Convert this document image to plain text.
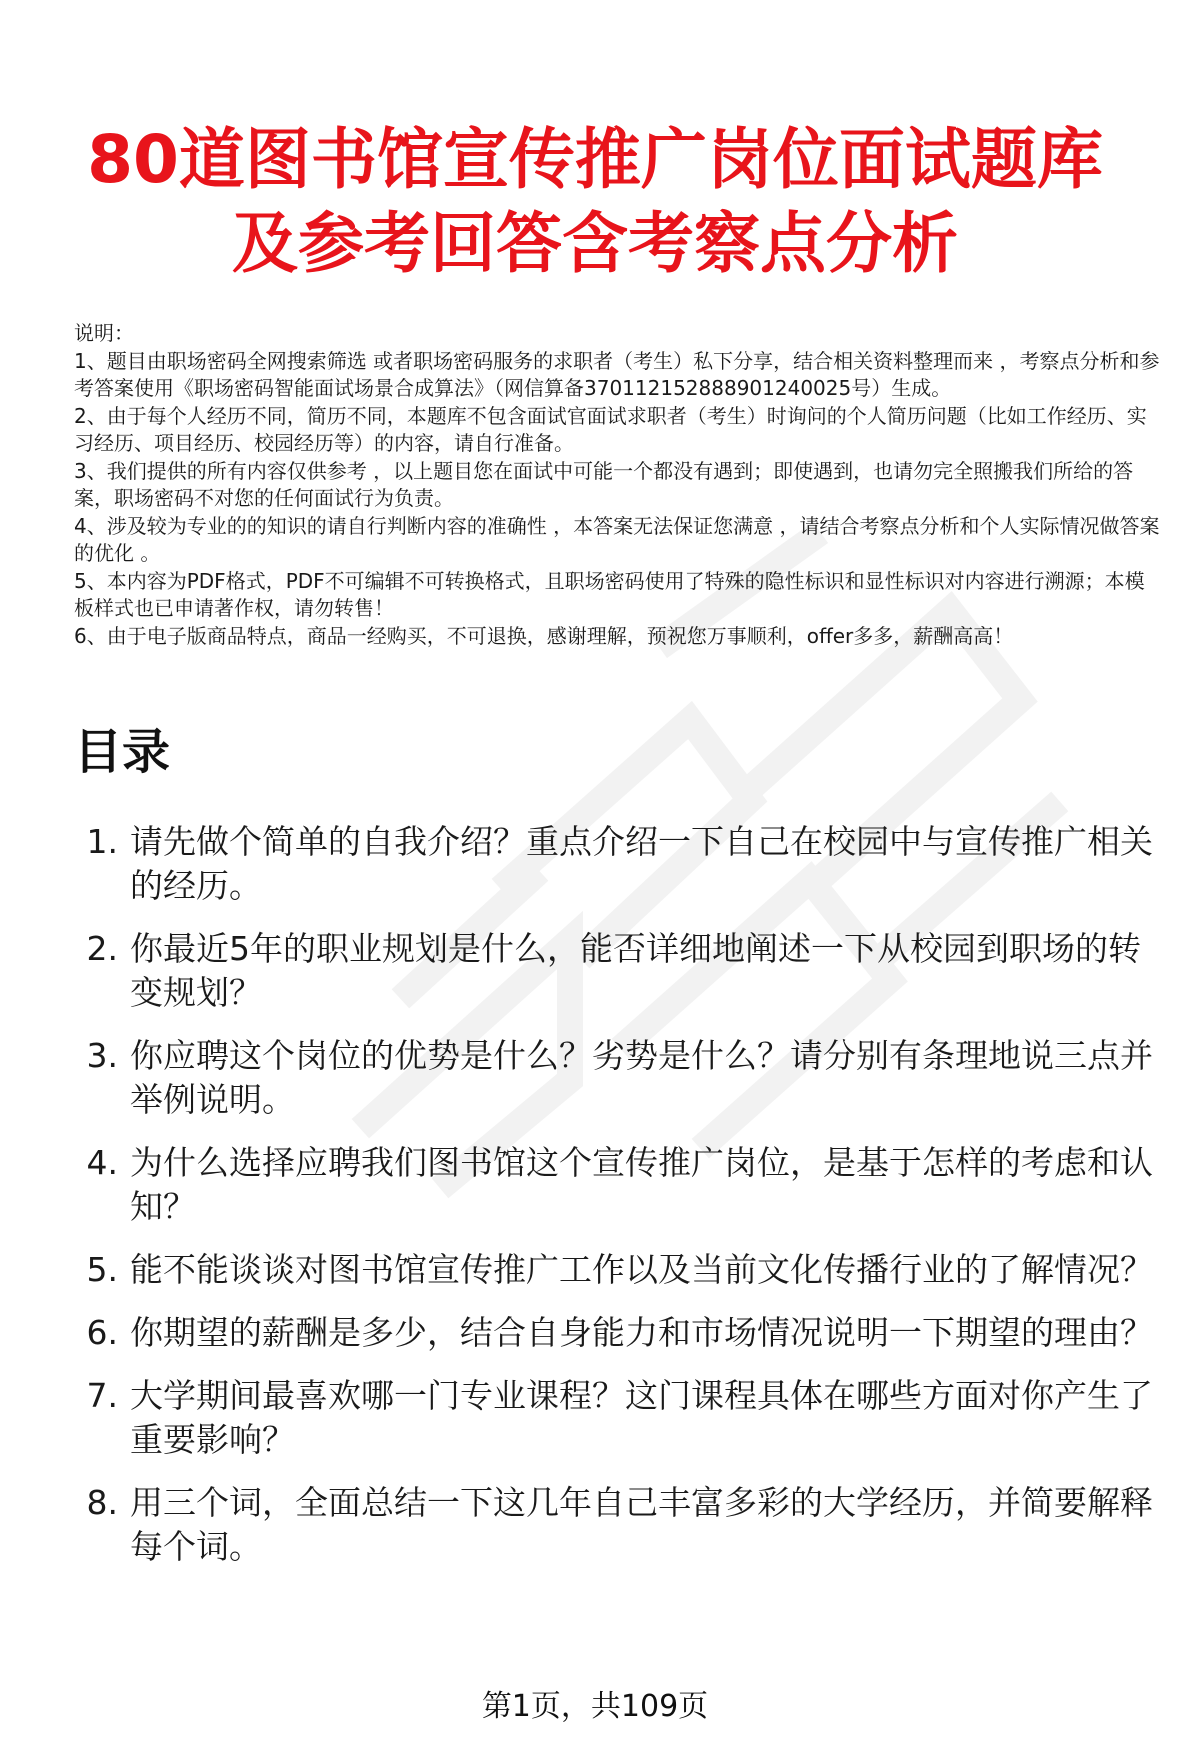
80道图书馆宣传推广岗位面试题库
及参考回答含考察点分析

说明：

1、题目由职场密码全网搜索筛选 或者职场密码服务的求职者（考生）私下分享，结合相关资料整理而来 ，考察点分析和参考答案使用《职场密码智能面试场景合成算法》（网信算备370112152888901240025号）生成。

2、由于每个人经历不同，简历不同，本题库不包含面试官面试求职者（考生）时询问的个人简历问题（比如工作经历、实习经历、项目经历、校园经历等）的内容，请自行准备。

3、我们提供的所有内容仅供参考 ，以上题目您在面试中可能一个都没有遇到；即使遇到，也请勿完全照搬我们所给的答案，职场密码不对您的任何面试行为负责。

4、涉及较为专业的的知识的请自行判断内容的准确性 ，本答案无法保证您满意 ，请结合考察点分析和个人实际情况做答案的优化 。

5、本内容为PDF格式，PDF不可编辑不可转换格式，且职场密码使用了特殊的隐性标识和显性标识对内容进行溯源；本模板样式也已申请著作权，请勿转售！

6、由于电子版商品特点，商品一经购买，不可退换，感谢理解，预祝您万事顺利，offer多多，薪酬高高！

目录
1. 请先做个简单的自我介绍？重点介绍一下自己在校园中与宣传推广相关的经历。
2. 你最近5年的职业规划是什么，能否详细地阐述一下从校园到职场的转变规划？
3. 你应聘这个岗位的优势是什么？劣势是什么？请分别有条理地说三点并举例说明。
4. 为什么选择应聘我们图书馆这个宣传推广岗位，是基于怎样的考虑和认知？
5. 能不能谈谈对图书馆宣传推广工作以及当前文化传播行业的了解情况？
6. 你期望的薪酬是多少，结合自身能力和市场情况说明一下期望的理由？
7. 大学期间最喜欢哪一门专业课程？这门课程具体在哪些方面对你产生了重要影响？
8. 用三个词，全面总结一下这几年自己丰富多彩的大学经历，并简要解释每个词。
第1页，共109页
